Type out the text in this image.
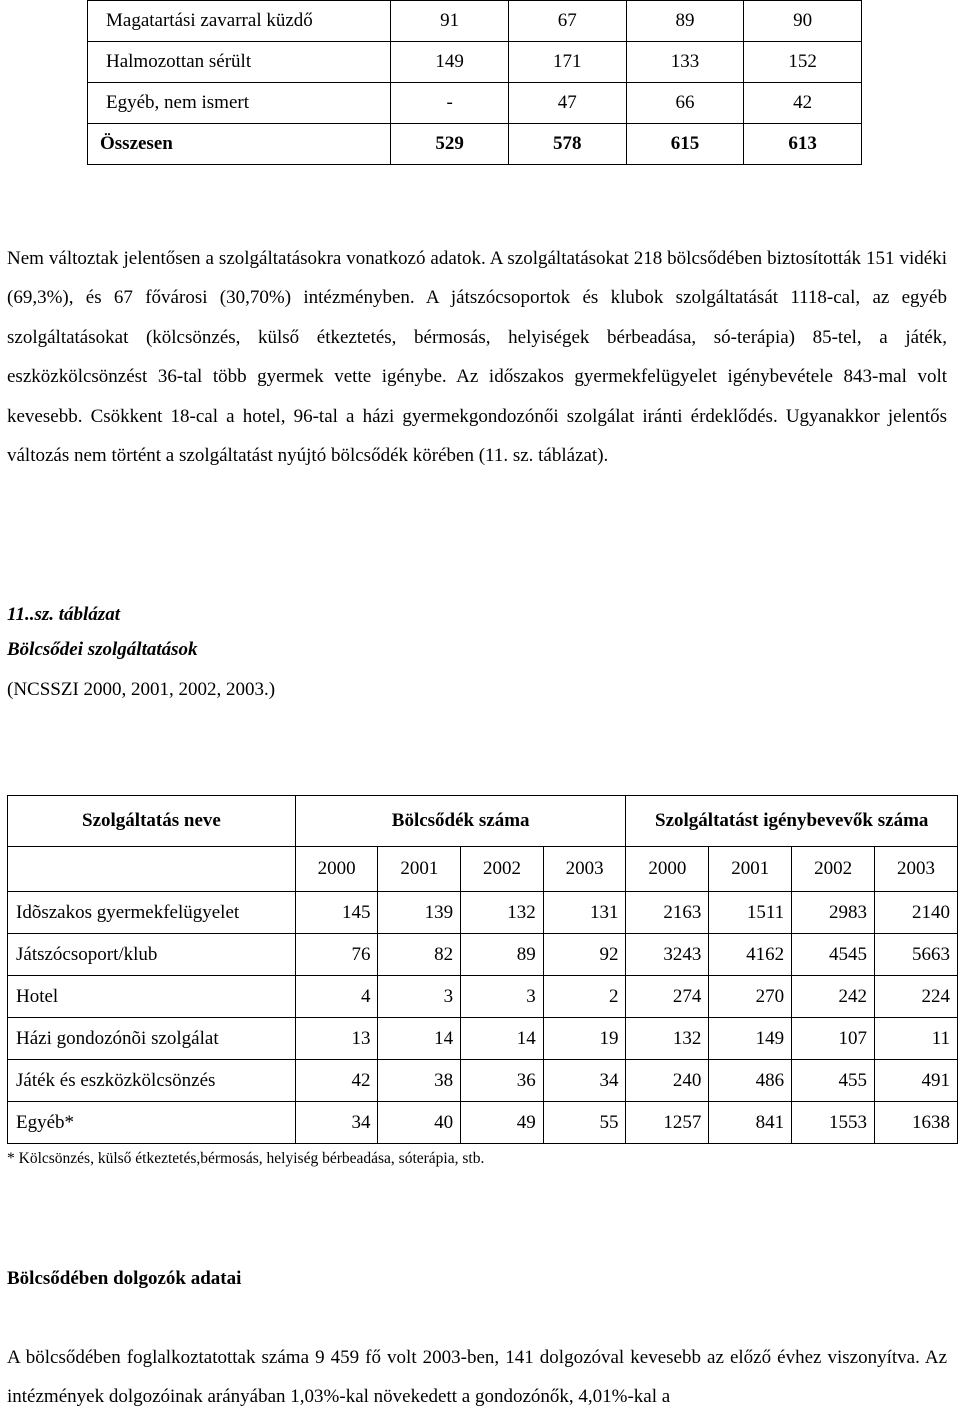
Magatartási zavarral küzdő	91	67	89	90
Halmozottan sérült	149	171	133	152
Egyéb, nem ismert	-	47	66	42
Összesen	529	578	615	613

Nem változtak jelentősen a szolgáltatásokra vonatkozó adatok. A szolgáltatásokat 218 bölcsődében biztosították 151 vidéki (69,3%), és 67 fővárosi (30,70%) intézményben. A játszócsoportok és klubok szolgáltatását 1118-cal, az egyéb szolgáltatásokat (kölcsönzés, külső étkeztetés, bérmosás, helyiségek bérbeadása, só-terápia) 85-tel, a játék, eszközkölcsönzést 36-tal több gyermek vette igénybe. Az időszakos gyermekfelügyelet igénybevétele 843-mal volt kevesebb. Csökkent 18-cal a hotel, 96-tal a házi gyermekgondozónői szolgálat iránti érdeklődés. Ugyanakkor jelentős változás nem történt a szolgáltatást nyújtó bölcsődék körében (11. sz. táblázat).

11..sz. táblázat

Bölcsődei szolgáltatások

(NCSSZI 2000, 2001, 2002, 2003.)

Szolgáltatás neve	Bölcsődék száma				Szolgáltatást igénybevevők száma			
	2000	2001	2002	2003	2000	2001	2002	2003
Idõszakos gyermekfelügyelet	145	139	132	131	2163	1511	2983	2140
Játszócsoport/klub	76	82	89	92	3243	4162	4545	5663
Hotel	4	3	3	2	274	270	242	224
Házi gondozónõi szolgálat	13	14	14	19	132	149	107	11
Játék és eszközkölcsönzés	42	38	36	34	240	486	455	491
Egyéb*	34	40	49	55	1257	841	1553	1638

* Kölcsönzés, külső étkeztetés,bérmosás, helyiség bérbeadása, sóterápia, stb.

Bölcsődében dolgozók adatai

A bölcsődében foglalkoztatottak száma 9 459 fő volt 2003-ben, 141 dolgozóval kevesebb az előző évhez viszonyítva. Az intézmények dolgozóinak arányában 1,03%-kal növekedett a gondozónők, 4,01%-kal a
